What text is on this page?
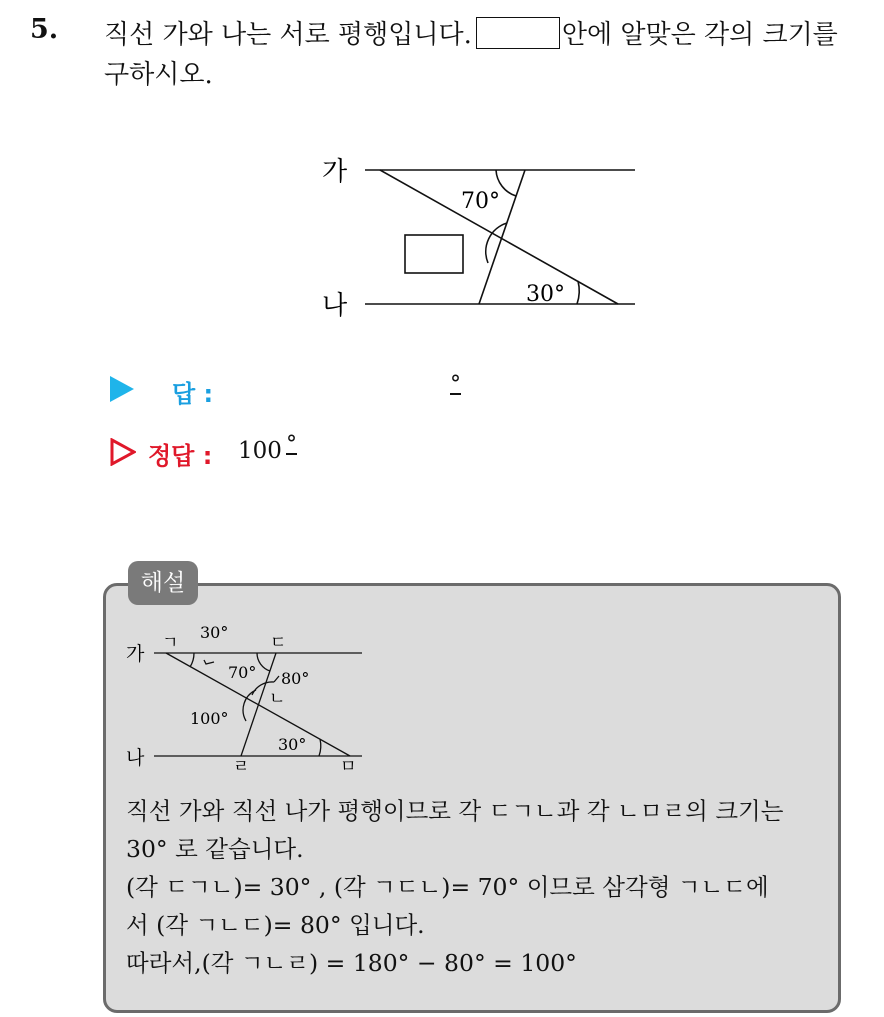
5. 직선 가와 나는 서로 평행입니다.	안에 알맞은 각의 크기를
구하시오.
가
나
70°
30°
답 :	°
정답 : 100 °
해설
가
나
ㄱ	ㄷ
ㄴ
ㄹ	ㅁ
30°
70° 80°
100°
30°
직선 가와 직선 나가 평행이므로 각 ㄷㄱㄴ과 각 ㄴㅁㄹ의 크기는
30° 로 같습니다.
(각 ㄷㄱㄴ)= 30° , (각 ㄱㄷㄴ)= 70° 이므로 삼각형 ㄱㄴㄷ에
서 (각 ㄱㄴㄷ)= 80° 입니다.
따라서,(각 ㄱㄴㄹ) = 180° − 80° = 100°
